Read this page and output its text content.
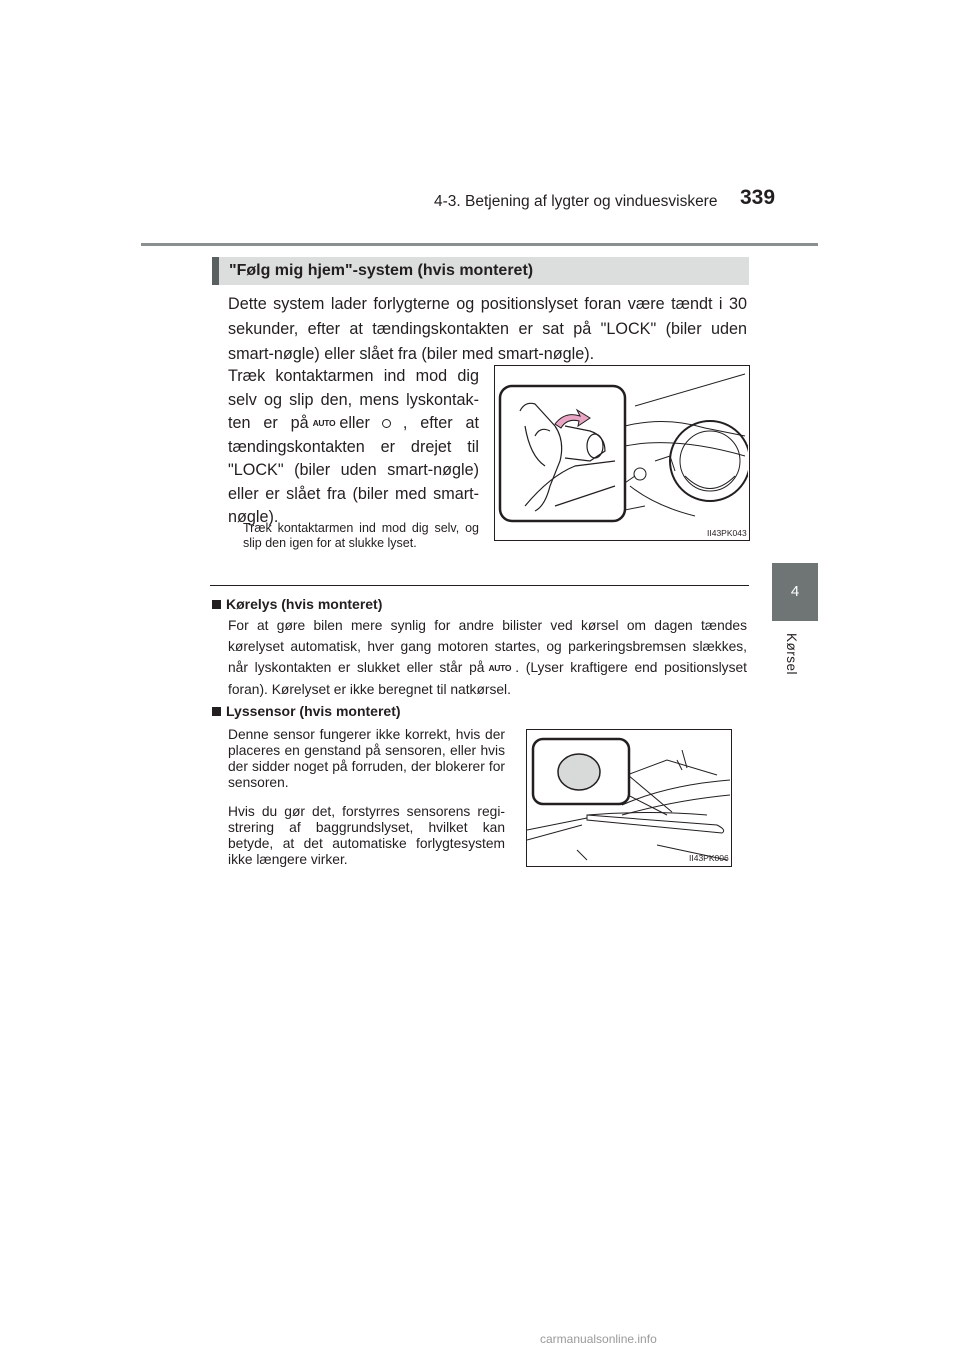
4-3. Betjening af lygter og vinduesviskere 339
4
Kørsel
"Følg mig hjem"-system (hvis monteret)
Dette system lader forlygterne og positionslyset foran være tændt i 30 sekunder, efter at tændingskontakten er sat på "LOCK" (biler uden smart-nøgle) eller slået fra (biler med smart-nøgle).
Træk kontaktarmen ind mod dig selv og slip den, mens lyskontak-ten er på AUTO eller , efter at tændingskontakten er drejet til "LOCK" (biler uden smart-nøgle) eller er slået fra (biler med smart-nøgle).
Træk kontaktarmen ind mod dig selv, og slip den igen for at slukke lyset.
II43PK043
Kørelys (hvis monteret)
For at gøre bilen mere synlig for andre bilister ved kørsel om dagen tændes kørelyset automatisk, hver gang motoren startes, og parkeringsbremsen slækkes, når lyskontakten er slukket eller står på AUTO . (Lyser kraftigere end positionslyset foran). Kørelyset er ikke beregnet til natkørsel.
Lyssensor (hvis monteret)
Denne sensor fungerer ikke korrekt, hvis der placeres en genstand på sensoren, eller hvis der sidder noget på forruden, der blokerer for sensoren.
Hvis du gør det, forstyrres sensorens regi-strering af baggrundslyset, hvilket kan betyde, at det automatiske forlygtesystem ikke længere virker.	II43PK006
carmanualsonline.info
